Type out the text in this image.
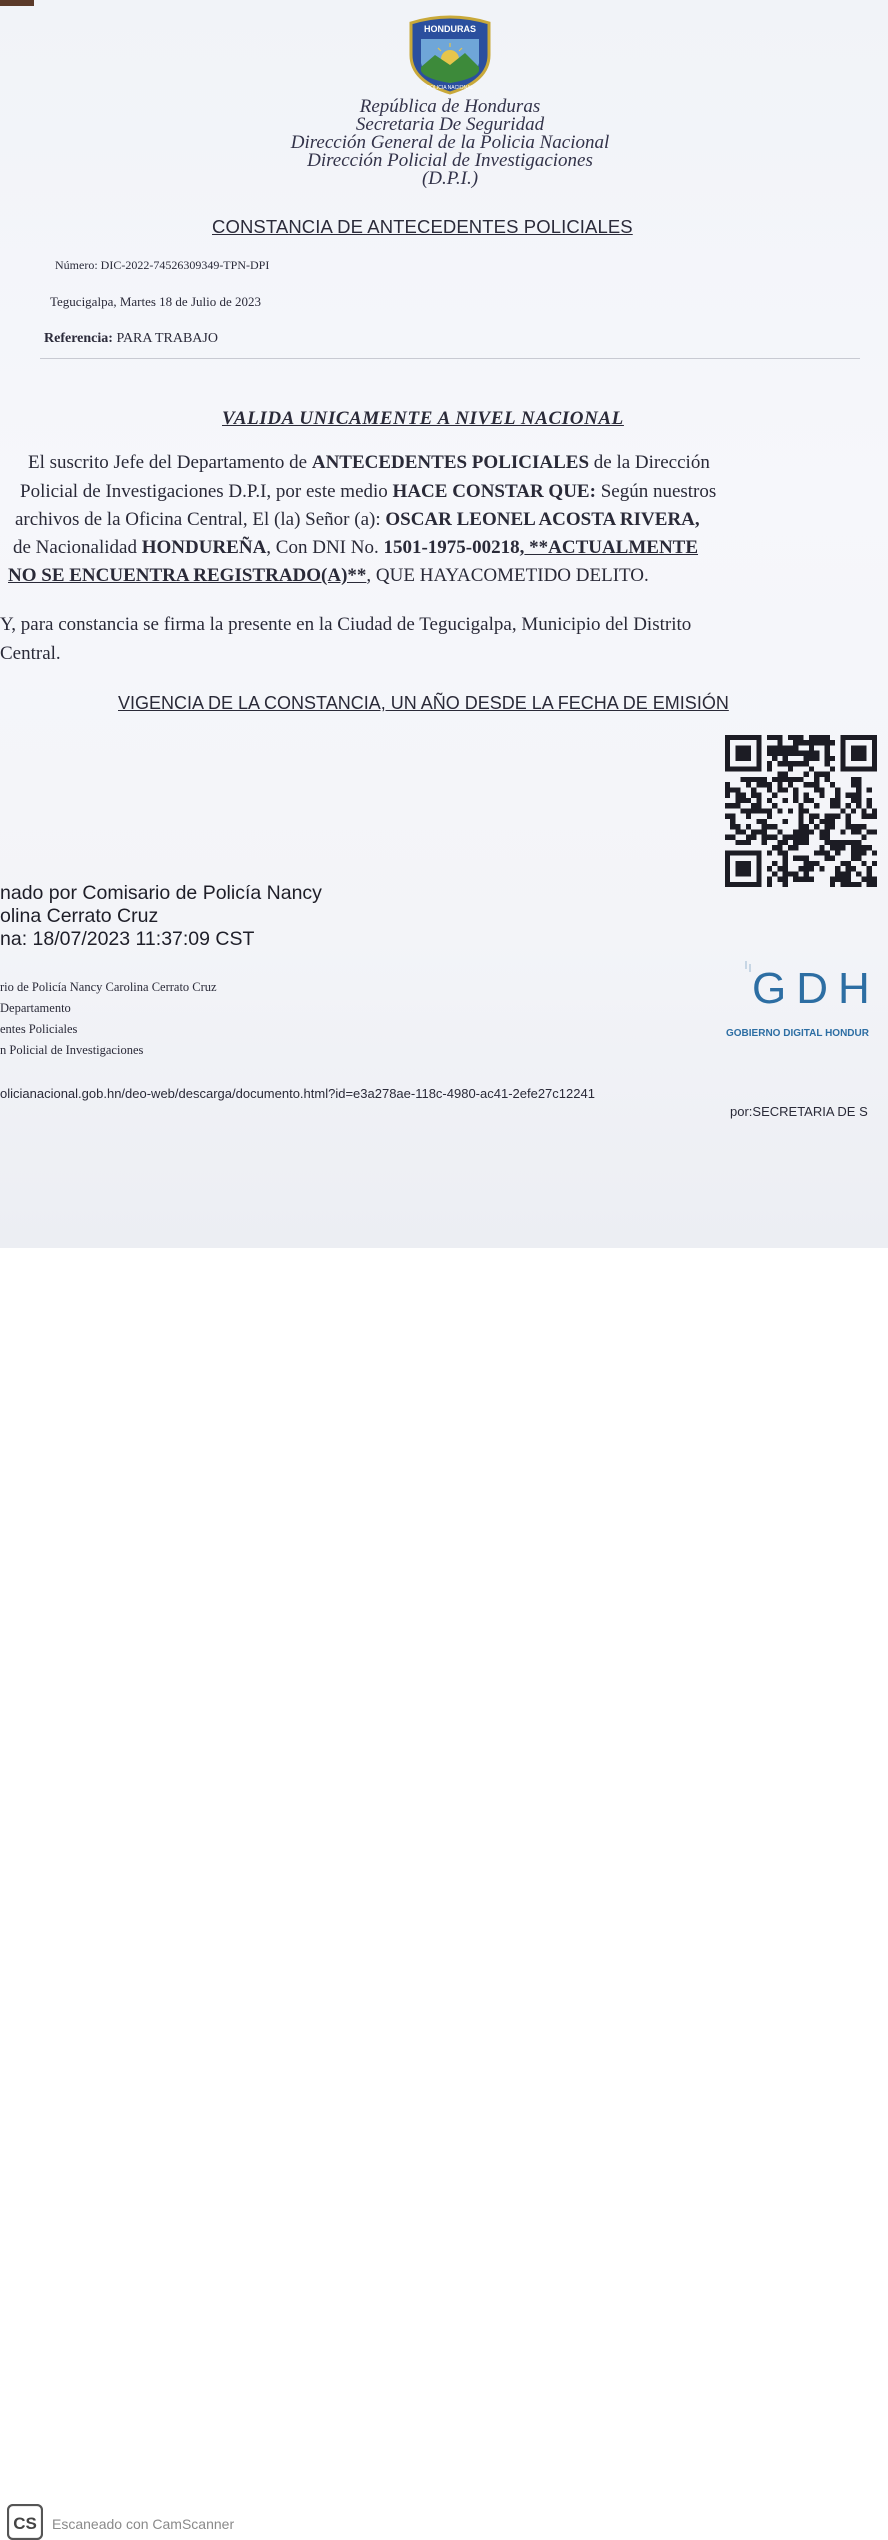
HONDURAS
POLICIA NACIONAL
República de Honduras
Secretaria De Seguridad
Dirección General de la Policia Nacional
Dirección Policial de Investigaciones
(D.P.I.)
CONSTANCIA DE ANTECEDENTES POLICIALES
Número: DIC-2022-74526309349-TPN-DPI
Tegucigalpa, Martes 18 de Julio de 2023
Referencia: PARA TRABAJO
VALIDA UNICAMENTE A NIVEL NACIONAL
El suscrito Jefe del Departamento de ANTECEDENTES POLICIALES de la Dirección
Policial de Investigaciones D.P.I, por este medio HACE CONSTAR QUE: Según nuestros
archivos de la Oficina Central, El (la) Señor (a): OSCAR LEONEL ACOSTA RIVERA,
de Nacionalidad HONDUREÑA, Con DNI No. 1501-1975-00218, **ACTUALMENTE
NO SE ENCUENTRA REGISTRADO(A)**, QUE HAYACOMETIDO DELITO.
Y, para constancia se firma la presente en la Ciudad de Tegucigalpa, Municipio del Distrito
Central.
VIGENCIA DE LA CONSTANCIA, UN AÑO DESDE LA FECHA DE EMISIÓN
nado por Comisario de Policía Nancy
olina Cerrato Cruz
na: 18/07/2023 11:37:09 CST
rio de Policía Nancy Carolina Cerrato Cruz
Departamento
entes Policiales
n Policial de Investigaciones
GDH
GOBIERNO DIGITAL HONDUR
olicianacional.gob.hn/deo-web/descarga/documento.html?id=e3a278ae-118c-4980-ac41-2efe27c12241
por:SECRETARIA DE S
CS Escaneado con CamScanner
